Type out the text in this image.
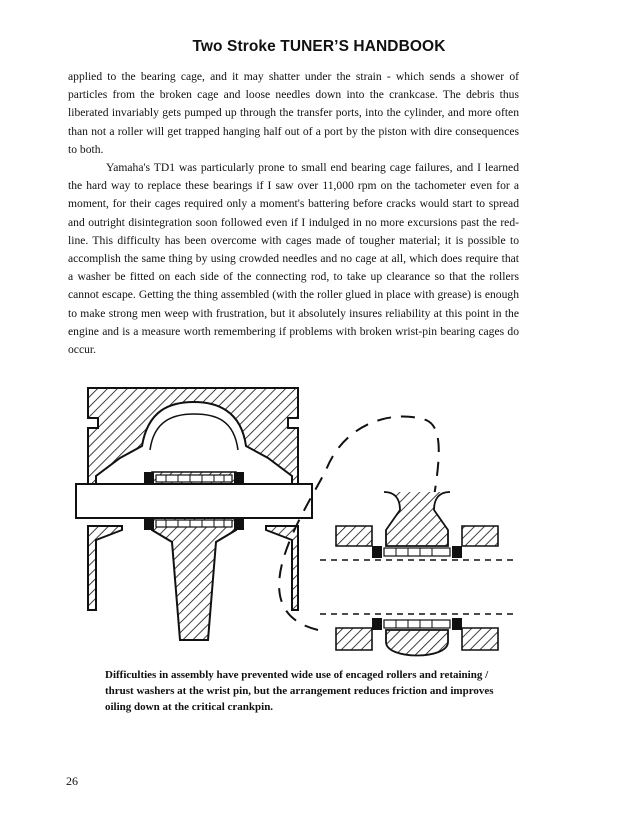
Two Stroke TUNER’S HANDBOOK

applied to the bearing cage, and it may shatter under the strain - which sends a shower of particles from the broken cage and loose needles down into the crankcase. The debris thus liberated invariably gets pumped up through the transfer ports, into the cylinder, and more often than not a roller will get trapped hanging half out of a port by the piston with dire consequences to both.

Yamaha's TD1 was particularly prone to small end bearing cage failures, and I learned the hard way to replace these bearings if I saw over 11,000 rpm on the tachometer even for a moment, for their cages required only a moment's battering before cracks would start to spread and outright disintegration soon followed even if I indulged in no more excursions past the red-line. This difficulty has been overcome with cages made of tougher material; it is possible to accomplish the same thing by using crowded needles and no cage at all, which does require that a washer be fitted on each side of the connecting rod, to take up clearance so that the rollers cannot escape. Getting the thing assembled (with the roller glued in place with grease) is enough to make strong men weep with frustration, but it absolutely insures reliability at this point in the engine and is a measure worth remembering if problems with broken wrist-pin bearing cages do occur.

Difficulties in assembly have prevented wide use of encaged rollers and retaining / thrust washers at the wrist pin, but the arrangement reduces friction and improves oiling down at the critical crankpin.
26
